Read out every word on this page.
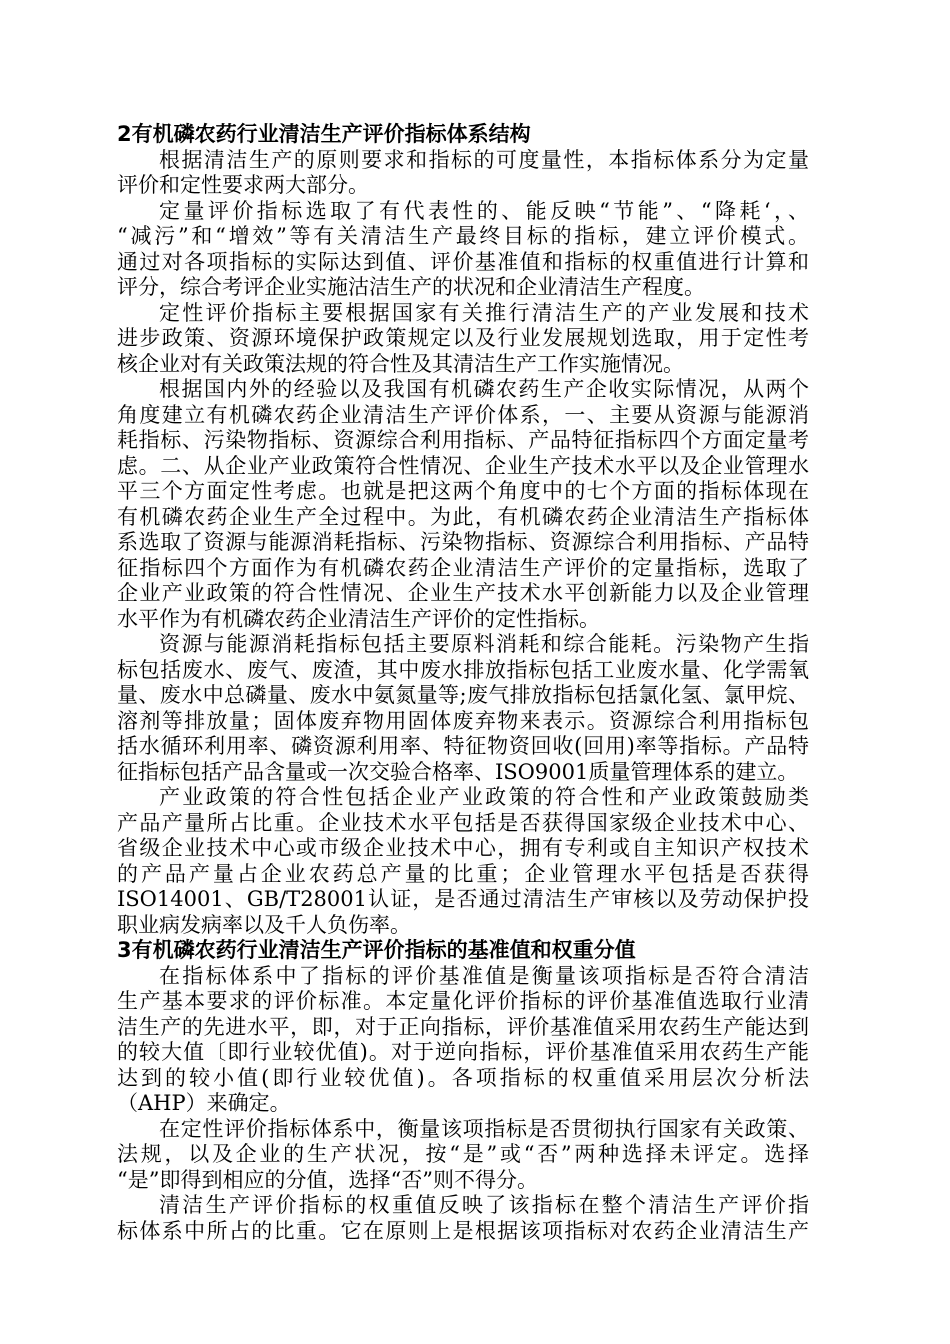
2有机磷农药行业清洁生产评价指标体系结构
根据清洁生产的原则要求和指标的可度量性，本指标体系分为定量
评价和定性要求两大部分。
定量评价指标选取了有代表性的、能反映“节能”、“降耗‘，、
“减污”和“增效”等有关清洁生产最终目标的指标，建立评价模式。
通过对各项指标的实际达到值、评价基准值和指标的权重值进行计算和
评分，综合考评企业实施沽洁生产的状况和企业清洁生产程度。
定性评价指标主要根据国家有关推行清洁生产的产业发展和技术
进步政策、资源环境保护政策规定以及行业发展规划选取，用于定性考
核企业对有关政策法规的符合性及其清洁生产工作实施情况。
根据国内外的经验以及我国有机磷农药生产企收实际情况，从两个
角度建立有机磷农药企业清洁生产评价体系，一、主要从资源与能源消
耗指标、污染物指标、资源综合利用指标、产品特征指标四个方面定量考
虑。二、从企业产业政策符合性情况、企业生产技术水平以及企业管理水
平三个方面定性考虑。也就是把这两个角度中的七个方面的指标体现在
有机磷农药企业生产全过程中。为此，有机磷农药企业清洁生产指标体
系选取了资源与能源消耗指标、污染物指标、资源综合利用指标、产品特
征指标四个方面作为有机磷农药企业清洁生产评价的定量指标，选取了
企业产业政策的符合性情况、企业生产技术水平创新能力以及企业管理
水平作为有机磷农药企业清洁生产评价的定性指标。
资源与能源消耗指标包括主要原料消耗和综合能耗。污染物产生指
标包括废水、废气、废渣，其中废水排放指标包括工业废水量、化学需氧
量、废水中总磷量、废水中氨氮量等;废气排放指标包括氯化氢、氯甲烷、
溶剂等排放量；固体废弃物用固体废弃物来表示。资源综合利用指标包
括水循环利用率、磷资源利用率、特征物资回收(回用)率等指标。产品特
征指标包括产品含量或一次交验合格率、ISO9001质量管理体系的建立。
产业政策的符合性包括企业产业政策的符合性和产业政策鼓励类
产品产量所占比重。企业技术水平包括是否获得国家级企业技术中心、
省级企业技术中心或市级企业技术中心，拥有专利或自主知识产权技术
的产品产量占企业农药总产量的比重；企业管理水平包括是否获得
ISO14001、GB/T28001认证，是否通过清洁生产审核以及劳动保护投
职业病发病率以及千人负伤率。
3有机磷农药行业清洁生产评价指标的基准值和权重分值
在指标体系中了指标的评价基准值是衡量该项指标是否符合清洁
生产基本要求的评价标准。本定量化评价指标的评价基准值选取行业清
洁生产的先进水平，即，对于正向指标，评价基准值采用农药生产能达到
的较大值〔即行业较优值)。对于逆向指标，评价基准值采用农药生产能
达到的较小值(即行业较优值)。各项指标的权重值采用层次分析法
（AHP）来确定。
在定性评价指标体系中，衡量该项指标是否贯彻执行国家有关政策、
法规，以及企业的生产状况，按“是”或“否”两种选择未评定。选择
“是”即得到相应的分值，选择“否”则不得分。
清洁生产评价指标的权重值反映了该指标在整个清洁生产评价指
标体系中所占的比重。它在原则上是根据该项指标对农药企业清洁生产
